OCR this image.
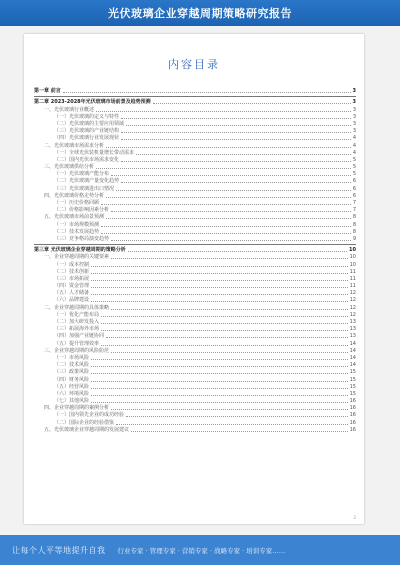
光伏玻璃企业穿越周期策略研究报告
内容目录
第一章 前言	3
第二章 2023-2028年光伏玻璃市场前景及趋势预测	3
一、光伏玻璃行业概述	3
（一）光伏玻璃的定义与特性	3
（二）光伏玻璃的主要应用领域	3
（三）光伏玻璃的产业链结构	3
（四）光伏玻璃行业发展现状	4
二、光伏玻璃市场需求分析	4
（一）全球光伏装机量增长带动需求	4
（二）国内光伏市场需求变化	5
三、光伏玻璃供给分析	5
（一）光伏玻璃产能分布	5
（二）光伏玻璃产量变化趋势	6
（三）光伏玻璃进出口情况	6
四、光伏玻璃价格走势分析	6
（一）历史价格回顾	7
（二）价格影响因素分析	7
五、光伏玻璃市场前景预测	8
（一）市场规模预测	8
（二）技术发展趋势	8
（三）竞争格局演变趋势	9
第三章 光伏玻璃企业穿越周期的策略分析	10
一、企业穿越周期的关键要素	10
（一）成本控制	10
（二）技术创新	11
（三）市场拓展	11
（四）资金管理	11
（五）人才储备	12
（六）品牌建设	12
二、企业穿越周期的具体策略	12
（一）优化产能布局	12
（二）加大研发投入	13
（三）拓展海外市场	13
（四）加强产业链协同	13
（五）提升管理效率	14
三、企业穿越周期的风险防范	14
（一）市场风险	14
（二）技术风险	14
（三）政策风险	15
（四）财务风险	15
（五）经营风险	15
（六）环境风险	15
（七）其他风险	16
四、企业穿越周期的案例分析	16
（一）国内领先企业的成功经验	16
（二）国际企业的经验借鉴	16
五、光伏玻璃企业穿越周期的发展建议	16
2
让每个人平等地提升自我 行业专家 · 管理专家 · 营销专家 · 战略专家 · 培训专家……
